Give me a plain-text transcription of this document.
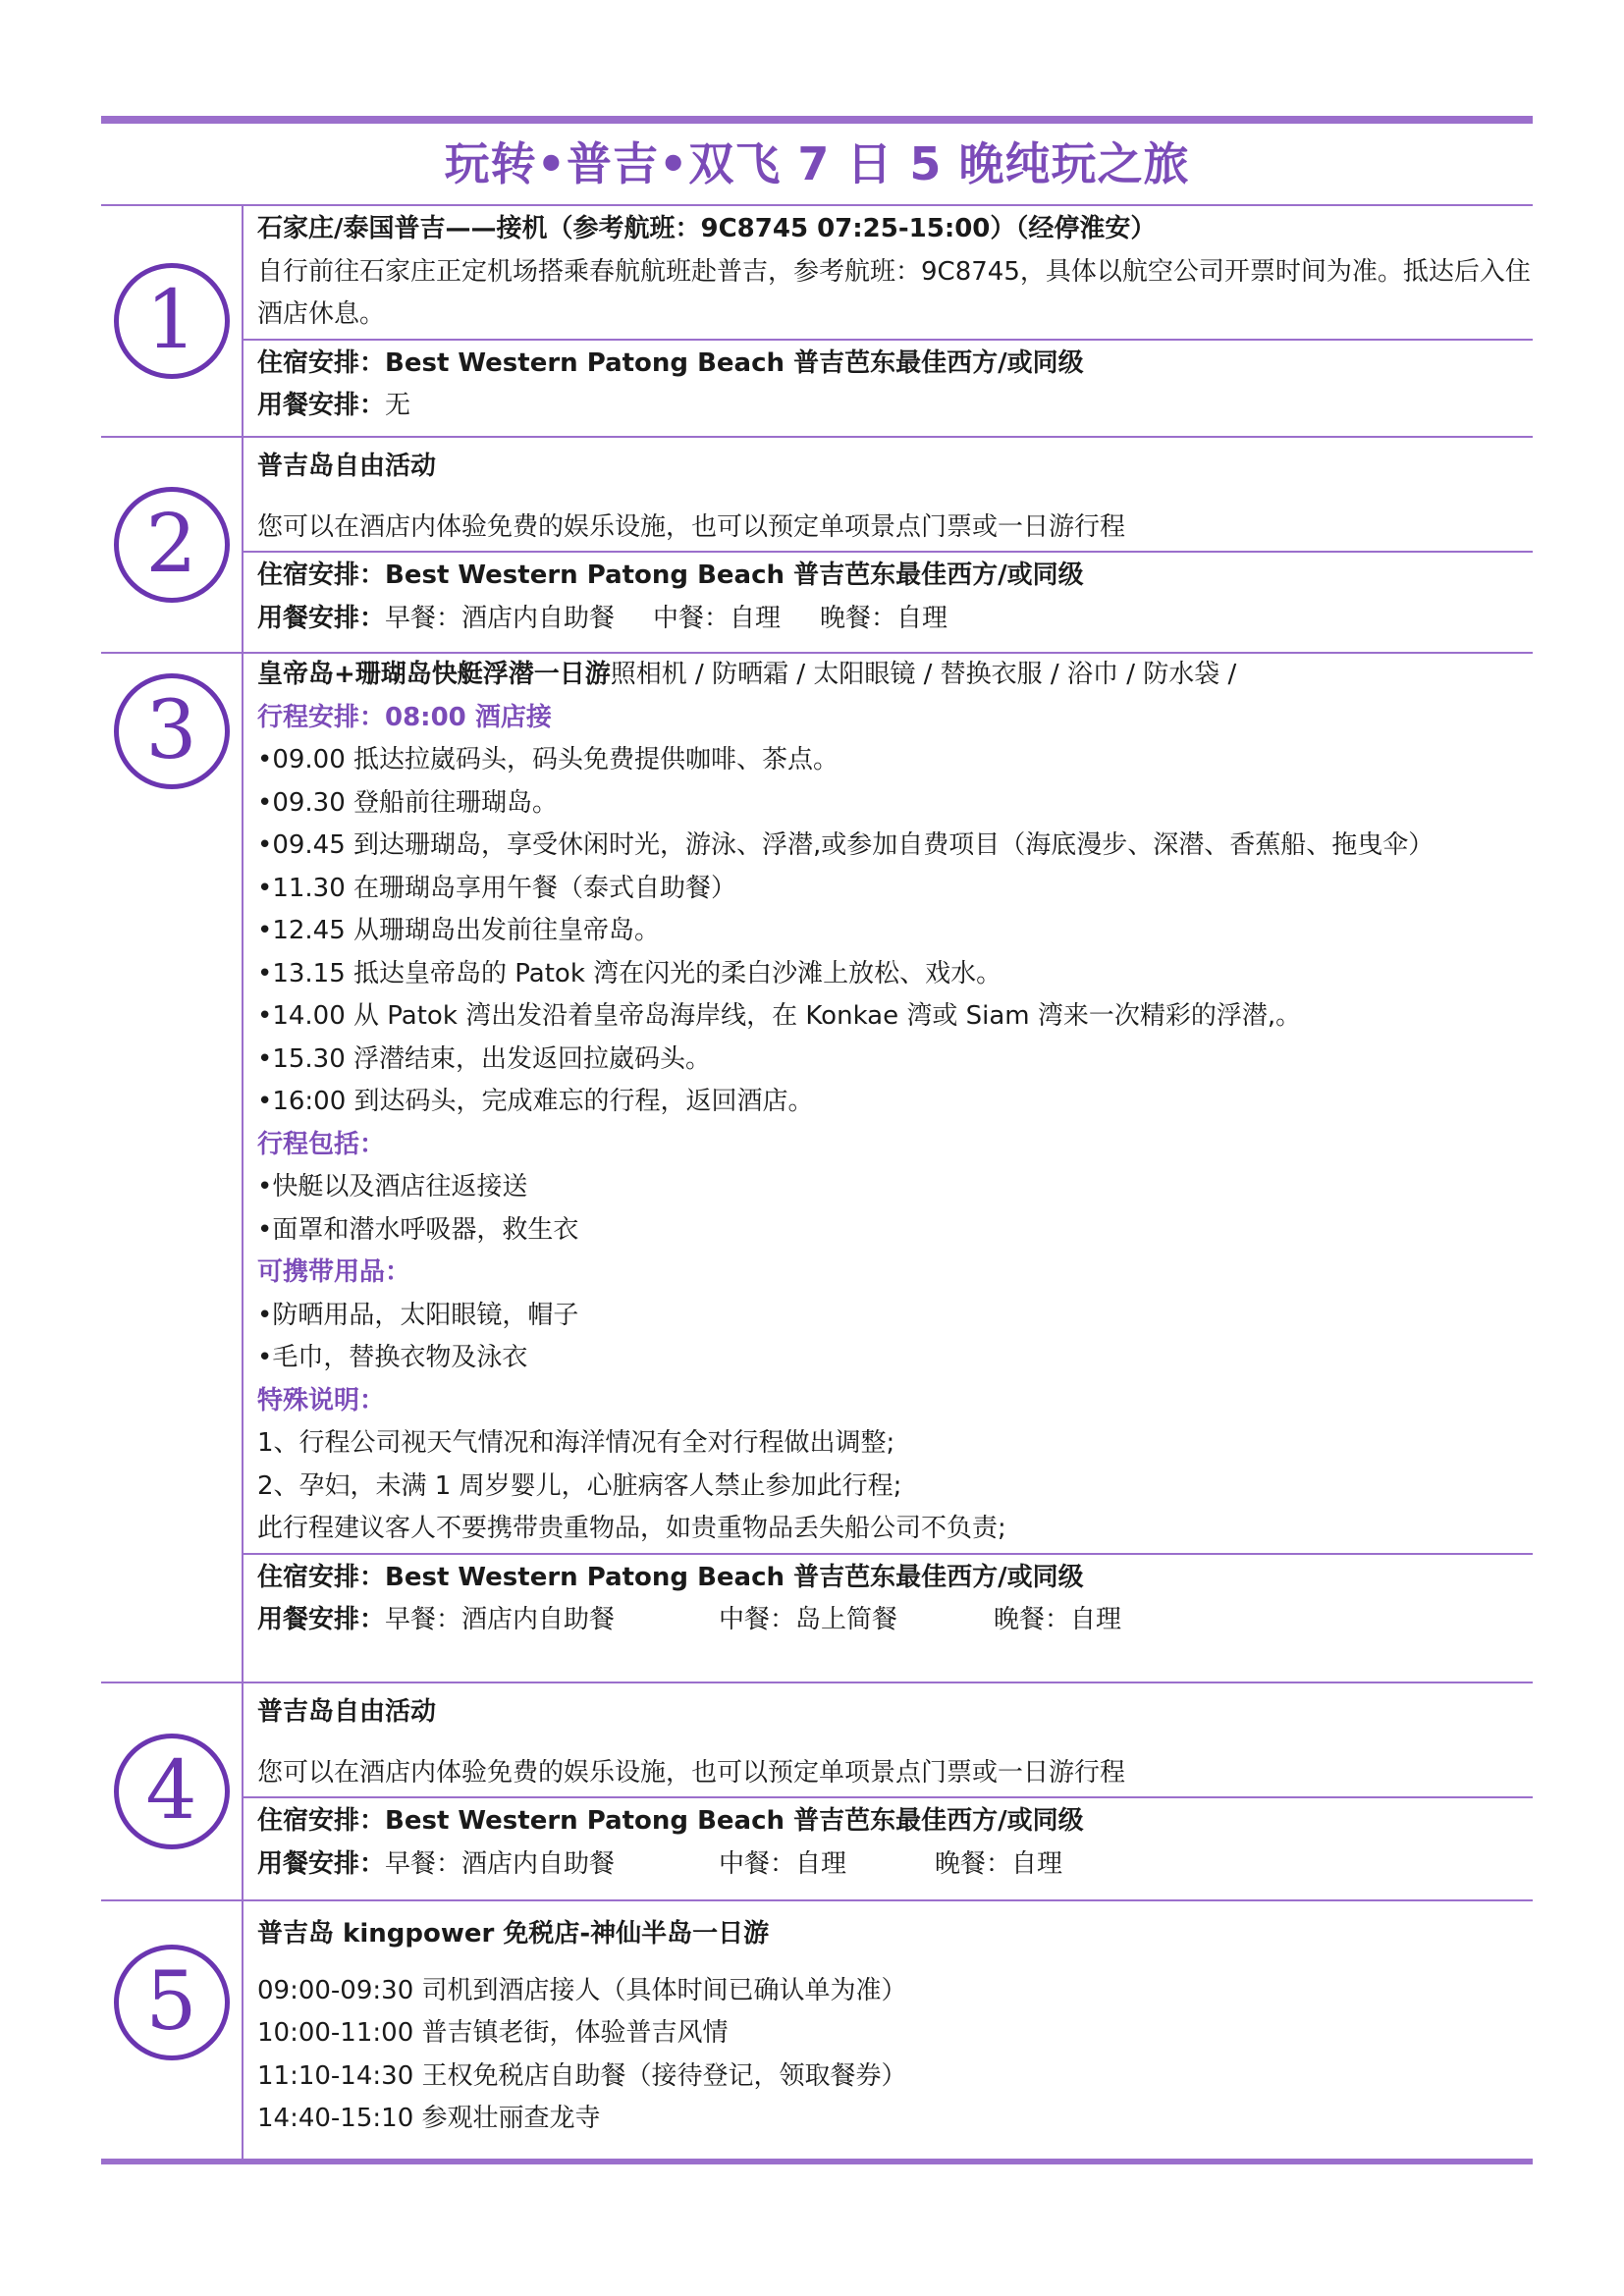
玩转•普吉•双飞 7 日 5 晚纯玩之旅
1
石家庄/泰国普吉——接机（参考航班：9C8745 07:25-15:00）（经停淮安）
自行前往石家庄正定机场搭乘春航航班赴普吉，参考航班：9C8745，具体以航空公司开票时间为准。抵达后入住酒店休息。
住宿安排：Best Western Patong Beach 普吉芭东最佳西方/或同级
用餐安排：无
2
普吉岛自由活动
您可以在酒店内体验免费的娱乐设施，也可以预定单项景点门票或一日游行程
住宿安排：Best Western Patong Beach 普吉芭东最佳西方/或同级
用餐安排：早餐：酒店内自助餐 中餐：自理 晚餐：自理
3
皇帝岛+珊瑚岛快艇浮潜一日游照相机 / 防晒霜 / 太阳眼镜 / 替换衣服 / 浴巾 / 防水袋 /
行程安排：08:00 酒店接
•09.00 抵达拉崴码头，码头免费提供咖啡、茶点。
•09.30 登船前往珊瑚岛。
•09.45 到达珊瑚岛，享受休闲时光，游泳、浮潜,或参加自费项目（海底漫步、深潜、香蕉船、拖曳伞）
•11.30 在珊瑚岛享用午餐（泰式自助餐）
•12.45 从珊瑚岛出发前往皇帝岛。
•13.15 抵达皇帝岛的 Patok 湾在闪光的柔白沙滩上放松、戏水。
•14.00 从 Patok 湾出发沿着皇帝岛海岸线，在 Konkae 湾或 Siam 湾来一次精彩的浮潜,。
•15.30 浮潜结束，出发返回拉崴码头。
•16:00 到达码头，完成难忘的行程，返回酒店。
行程包括：
•快艇以及酒店往返接送
•面罩和潜水呼吸器，救生衣
可携带用品：
•防晒用品，太阳眼镜，帽子
•毛巾，替换衣物及泳衣
特殊说明：
1、行程公司视天气情况和海洋情况有全对行程做出调整;
2、孕妇，未满 1 周岁婴儿，心脏病客人禁止参加此行程;
此行程建议客人不要携带贵重物品，如贵重物品丢失船公司不负责;
住宿安排：Best Western Patong Beach 普吉芭东最佳西方/或同级
用餐安排：早餐：酒店内自助餐	中餐：岛上简餐	晚餐：自理
4
普吉岛自由活动
您可以在酒店内体验免费的娱乐设施，也可以预定单项景点门票或一日游行程
住宿安排：Best Western Patong Beach 普吉芭东最佳西方/或同级
用餐安排：早餐：酒店内自助餐	中餐：自理	晚餐：自理
5
普吉岛 kingpower 免税店-神仙半岛一日游
09:00-09:30 司机到酒店接人（具体时间已确认单为准）
10:00-11:00 普吉镇老街，体验普吉风情
11:10-14:30 王权免税店自助餐（接待登记，领取餐券）
14:40-15:10 参观壮丽查龙寺
